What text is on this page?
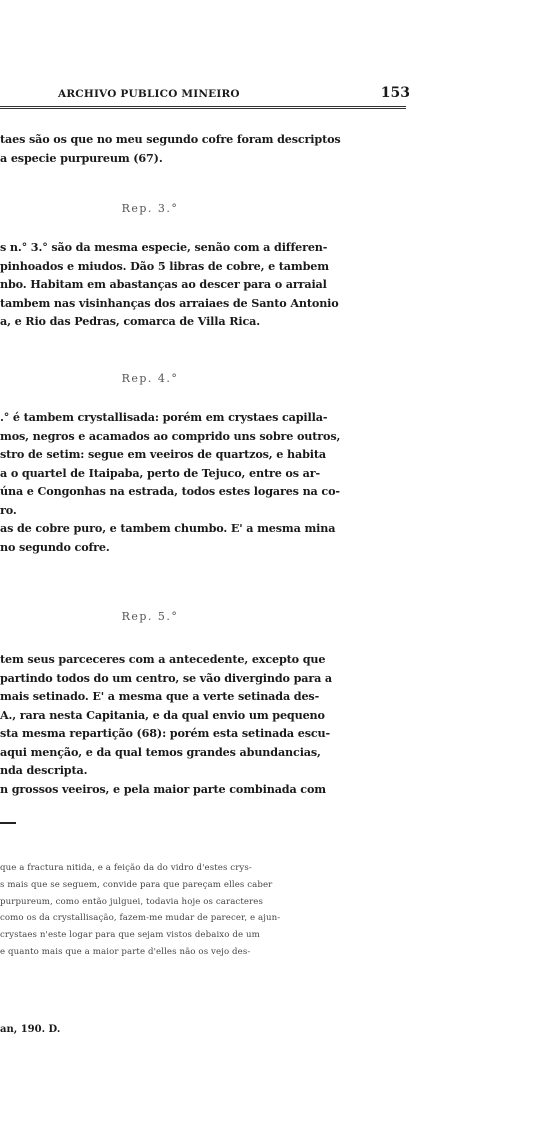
ARCHIVO PUBLICO MINEIRO	153
taes são os que no meu segundo cofre foram descriptos
a especie purpureum (67).
Rep. 3.°
s n.° 3.° são da mesma especie, senão com a differen-
pinhoados e miudos. Dão 5 libras de cobre, e tambem
nbo. Habitam em abastanças ao descer para o arraial
tambem nas visinhanças dos arraiaes de Santo Antonio
a, e Rio das Pedras, comarca de Villa Rica.
Rep. 4.°
.° é tambem crystallisada: porém em crystaes capilla-
mos, negros e acamados ao comprido uns sobre outros,
stro de setim: segue em veeiros de quartzos, e habita
a o quartel de Itaipaba, perto de Tejuco, entre os ar-
úna e Congonhas na estrada, todos estes logares na co-
ro.
as de cobre puro, e tambem chumbo. E' a mesma mina
no segundo cofre.
Rep. 5.°
tem seus parceceres com a antecedente, excepto que
partindo todos do um centro, se vão divergindo para a
mais setinado. E' a mesma que a verte setinada des-
A., rara nesta Capitania, e da qual envio um pequeno
sta mesma repartição (68): porém esta setinada escu-
aqui menção, e da qual temos grandes abundancias,
nda descripta.
n grossos veeiros, e pela maior parte combinada com
que a fractura nitida, e a feição da do vidro d'estes crys-
s mais que se seguem, convide para que pareçam elles caber
purpureum, como então julguei, todavia hoje os caracteres
como os da crystallisação, fazem-me mudar de parecer, e ajun-
crystaes n'este logar para que sejam vistos debaixo de um
e quanto mais que a maior parte d'elles não os vejo des-
an, 190. D.
